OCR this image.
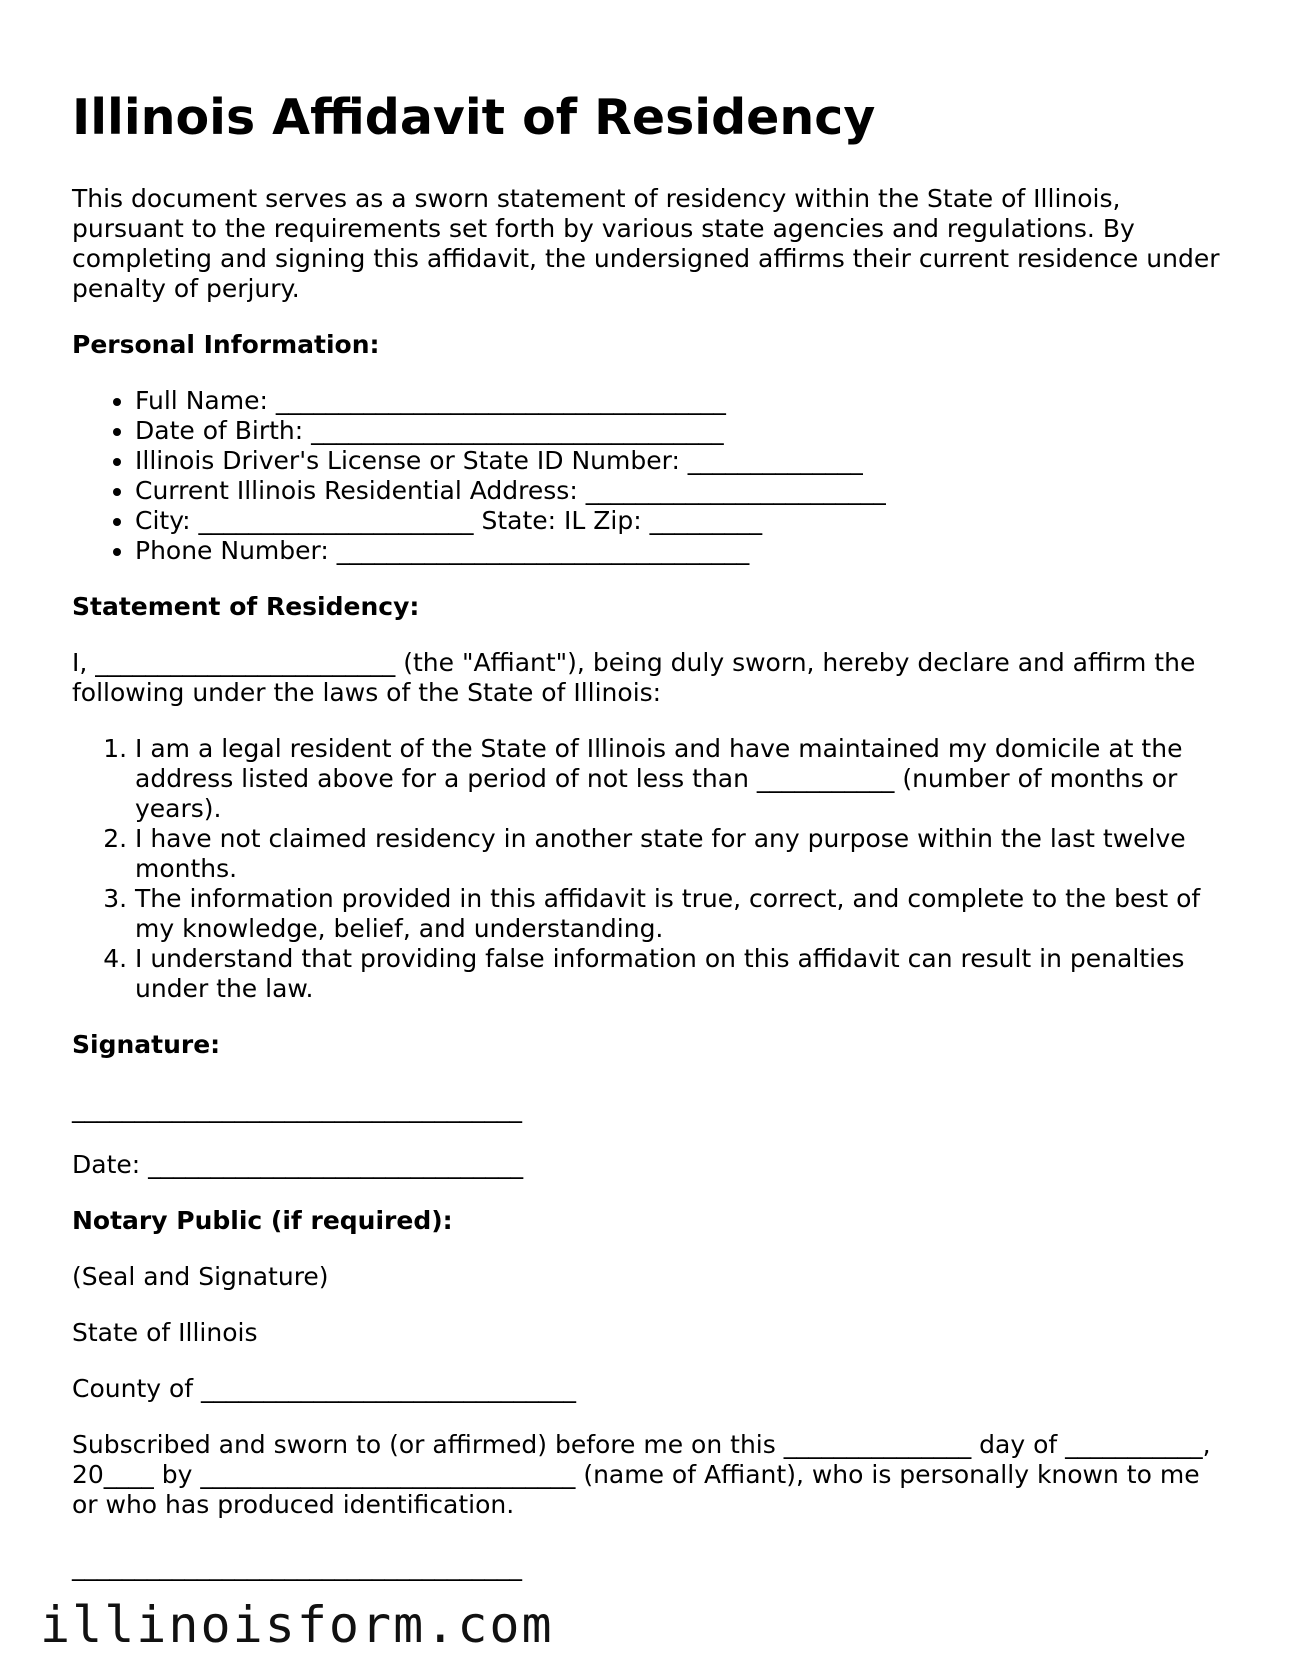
Illinois Affidavit of Residency

This document serves as a sworn statement of residency within the State of Illinois, pursuant to the requirements set forth by various state agencies and regulations. By completing and signing this affidavit, the undersigned affirms their current residence under penalty of perjury.

Personal Information:
• Full Name: ____________________________________
• Date of Birth: _________________________________
• Illinois Driver's License or State ID Number: ______________
• Current Illinois Residential Address: ________________________
• City: ______________________ State: IL Zip: _________
• Phone Number: _________________________________
Statement of Residency:

I, ________________________ (the "Affiant"), being duly sworn, hereby declare and affirm the following under the laws of the State of Illinois:

1. I am a legal resident of the State of Illinois and have maintained my domicile at the address listed above for a period of not less than ___________ (number of months or years).
2. I have not claimed residency in another state for any purpose within the last twelve months.
3. The information provided in this affidavit is true, correct, and complete to the best of my knowledge, belief, and understanding.
4. I understand that providing false information on this affidavit can result in penalties under the law.
Signature:
____________________________________
Date: ______________________________
Notary Public (if required):

(Seal and Signature)

State of Illinois

County of ______________________________

Subscribed and sworn to (or affirmed) before me on this _______________ day of ___________, 20____ by ______________________________ (name of Affiant), who is personally known to me or who has produced identification.

____________________________________
illinoisform.com
